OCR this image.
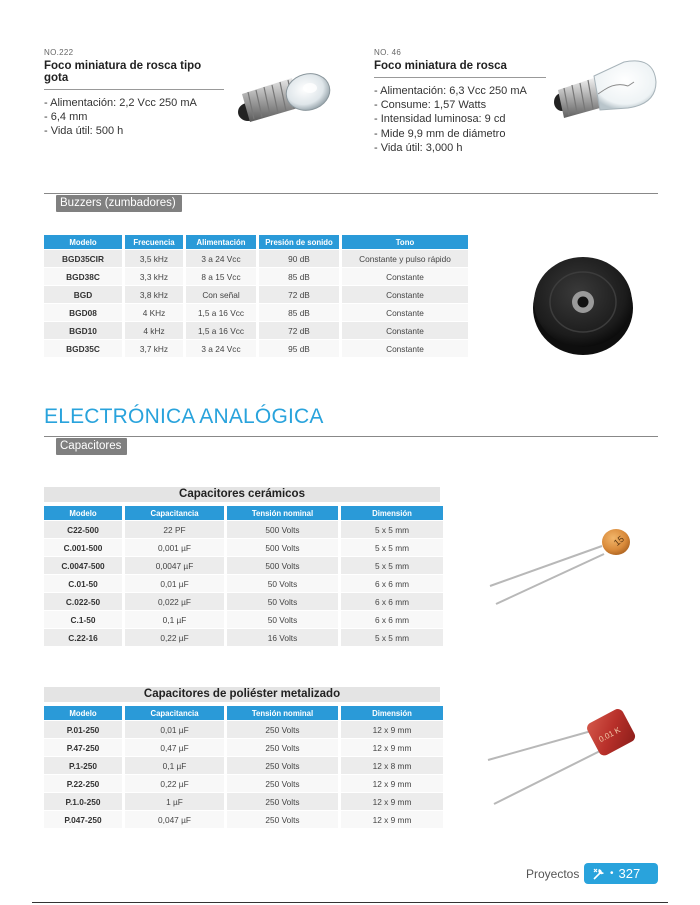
NO.222
Foco miniatura de rosca tipo gota
- Alimentación: 2,2 Vcc 250 mA
- 6,4 mm
- Vida útil: 500 h
NO. 46
Foco miniatura de rosca
- Alimentación: 6,3 Vcc 250 mA
- Consume: 1,57 Watts
- Intensidad luminosa: 9 cd
- Mide 9,9 mm de diámetro
- Vida útil: 3,000 h
Buzzers (zumbadores)
Modelo	Frecuencia	Alimentación	Presión de sonido	Tono
BGD35CIR	3,5 kHz	3 a 24 Vcc	90 dB	Constante y pulso rápido
BGD38C	3,3 kHz	8 a 15 Vcc	85 dB	Constante
BGD	3,8 kHz	Con señal	72 dB	Constante
BGD08	4 KHz	1,5 a 16 Vcc	85 dB	Constante
BGD10	4 kHz	1,5 a 16 Vcc	72 dB	Constante
BGD35C	3,7 kHz	3 a 24 Vcc	95 dB	Constante
ELECTRÓNICA ANALÓGICA
Capacitores
Capacitores cerámicos
Modelo	Capacitancia	Tensión nominal	Dimensión
C22-500	22 PF	500 Volts	5 x 5 mm
C.001-500	0,001 µF	500 Volts	5 x 5 mm
C.0047-500	0,0047 µF	500 Volts	5 x 5 mm
C.01-50	0,01 µF	50 Volts	6 x 6 mm
C.022-50	0,022 µF	50 Volts	6 x 6 mm
C.1-50	0,1 µF	50 Volts	6 x 6 mm
C.22-16	0,22 µF	16 Volts	5 x 5 mm
15
Capacitores de poliéster metalizado
Modelo	Capacitancia	Tensión nominal	Dimensión
P.01-250	0,01 µF	250 Volts	12 x 9 mm
P.47-250	0,47 µF	250 Volts	12 x 9 mm
P.1-250	0,1 µF	250 Volts	12 x 8 mm
P.22-250	0,22 µF	250 Volts	12 x 9 mm
P.1.0-250	1 µF	250 Volts	12 x 9 mm
P.047-250	0,047 µF	250 Volts	12 x 9 mm
0.01 K
Proyectos	• 327
